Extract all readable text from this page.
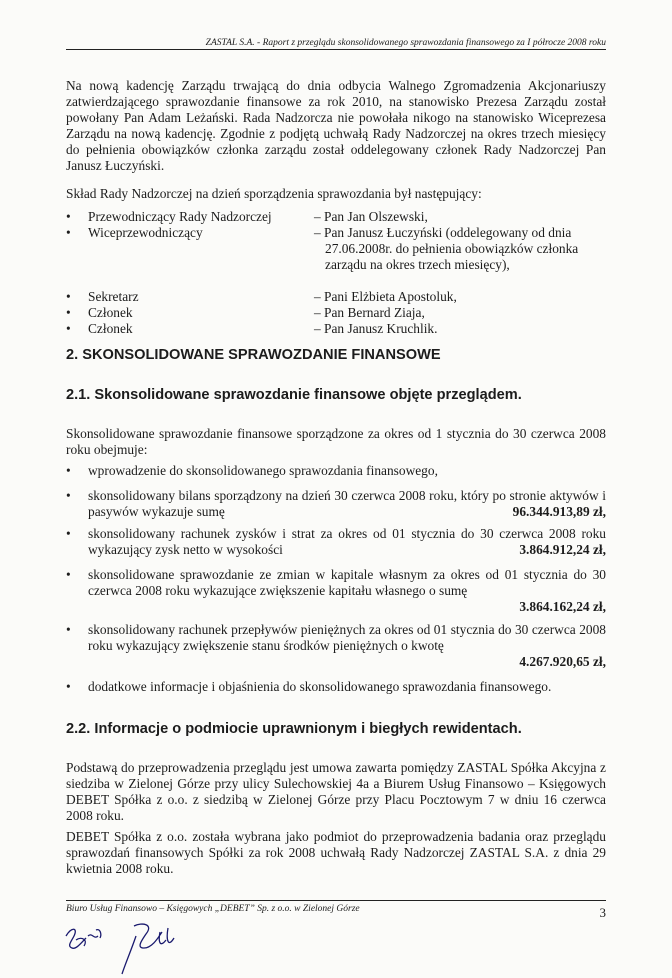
ZASTAL S.A. - Raport z przeglądu skonsolidowanego sprawozdania finansowego za I półrocze 2008 roku

Na nową kadencję Zarządu trwającą do dnia odbycia Walnego Zgromadzenia Akcjonariuszy zatwierdzającego sprawozdanie finansowe za rok 2010, na stanowisko Prezesa Zarządu został powołany Pan Adam Leżański. Rada Nadzorcza nie powołała nikogo na stanowisko Wiceprezesa Zarządu na nową kadencję. Zgodnie z podjętą uchwałą Rady Nadzorczej na okres trzech miesięcy do pełnienia obowiązków członka zarządu został oddelegowany członek Rady Nadzorczej Pan Janusz Łuczyński.

Skład Rady Nadzorczej na dzień sporządzenia sprawozdania był następujący:

• Przewodniczący Rady Nadzorczej	– Pan Jan Olszewski,
• Wiceprzewodniczący	– Pan Janusz Łuczyński (oddelegowany od dnia
27.06.2008r. do pełnienia obowiązków członka zarządu na okres trzech miesięcy),
• Sekretarz	– Pani Elżbieta Apostoluk,
• Członek	– Pan Bernard Ziaja,
• Członek	– Pan Janusz Kruchlik.
2. SKONSOLIDOWANE SPRAWOZDANIE FINANSOWE
2.1. Skonsolidowane sprawozdanie finansowe objęte przeglądem.

Skonsolidowane sprawozdanie finansowe sporządzone za okres od 1 stycznia do 30 czerwca 2008 roku obejmuje:

• wprowadzenie do skonsolidowanego sprawozdania finansowego,
• skonsolidowany bilans sporządzony na dzień 30 czerwca 2008 roku, który po stronie aktywów i pasywów wykazuje sumę	96.344.913,89 zł,
• skonsolidowany rachunek zysków i strat za okres od 01 stycznia do 30 czerwca 2008 roku wykazujący zysk netto w wysokości	3.864.912,24 zł,
• skonsolidowane sprawozdanie ze zmian w kapitale własnym za okres od 01 stycznia do 30 czerwca 2008 roku wykazujące zwiększenie kapitału własnego o sumę
3.864.162,24 zł,
• skonsolidowany rachunek przepływów pieniężnych za okres od 01 stycznia do 30 czerwca 2008 roku wykazujący zwiększenie stanu środków pieniężnych o kwotę
4.267.920,65 zł,
• dodatkowe informacje i objaśnienia do skonsolidowanego sprawozdania finansowego.
2.2. Informacje o podmiocie uprawnionym i biegłych rewidentach.

Podstawą do przeprowadzenia przeglądu jest umowa zawarta pomiędzy ZASTAL Spółka Akcyjna z siedziba w Zielonej Górze przy ulicy Sulechowskiej 4a a Biurem Usług Finansowo – Księgowych DEBET Spółka z o.o. z siedzibą w Zielonej Górze przy Placu Pocztowym 7 w dniu 16 czerwca 2008 roku.

DEBET Spółka z o.o. została wybrana jako podmiot do przeprowadzenia badania oraz przeglądu sprawozdań finansowych Spółki za rok 2008 uchwałą Rady Nadzorczej ZASTAL S.A. z dnia 29 kwietnia 2008 roku.

Biuro Usług Finansowo – Księgowych „DEBET” Sp. z o.o. w Zielonej Górze	3
